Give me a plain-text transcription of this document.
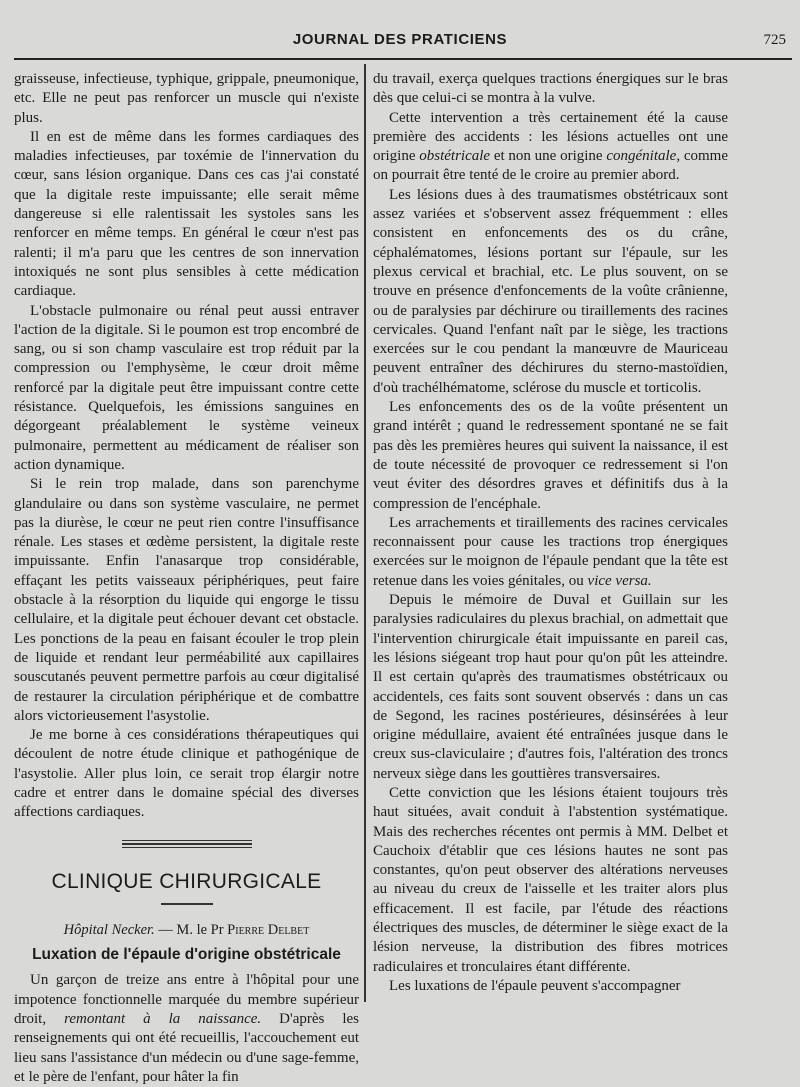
JOURNAL DES PRATICIENS	725

graisseuse, infectieuse, typhique, grippale, pneumonique, etc. Elle ne peut pas renforcer un muscle qui n'existe plus.

Il en est de même dans les formes cardiaques des maladies infectieuses, par toxémie de l'innervation du cœur, sans lésion organique. Dans ces cas j'ai constaté que la digitale reste impuissante; elle serait même dangereuse si elle ralentissait les systoles sans les renforcer en même temps. En général le cœur n'est pas ralenti; il m'a paru que les centres de son innervation intoxiqués ne sont plus sensibles à cette médication cardiaque.

L'obstacle pulmonaire ou rénal peut aussi entraver l'action de la digitale. Si le poumon est trop encombré de sang, ou si son champ vasculaire est trop réduit par la compression ou l'emphysème, le cœur droit même renforcé par la digitale peut être impuissant contre cette résistance. Quelquefois, les émissions sanguines en dégorgeant préalablement le système veineux pulmonaire, permettent au médicament de réaliser son action dynamique.

Si le rein trop malade, dans son parenchyme glandulaire ou dans son système vasculaire, ne permet pas la diurèse, le cœur ne peut rien contre l'insuffisance rénale. Les stases et œdème persistent, la digitale reste impuissante. Enfin l'anasarque trop considérable, effaçant les petits vaisseaux périphériques, peut faire obstacle à la résorption du liquide qui engorge le tissu cellulaire, et la digitale peut échouer devant cet obstacle. Les ponctions de la peau en faisant écouler le trop plein de liquide et rendant leur perméabilité aux capillaires souscutanés peuvent permettre parfois au cœur digitalisé de restaurer la circulation périphérique et de combattre alors victorieusement l'asystolie.

Je me borne à ces considérations thérapeutiques qui découlent de notre étude clinique et pathogénique de l'asystolie. Aller plus loin, ce serait trop élargir notre cadre et entrer dans le domaine spécial des diverses affections cardiaques.

CLINIQUE CHIRURGICALE
Hôpital Necker. — M. le Pr Pierre Delbet
Luxation de l'épaule d'origine obstétricale

Un garçon de treize ans entre à l'hôpital pour une impotence fonctionnelle marquée du membre supérieur droit, remontant à la naissance. D'après les renseignements qui ont été recueillis, l'accouchement eut lieu sans l'assistance d'un médecin ou d'une sage-femme, et le père de l'enfant, pour hâter la fin

du travail, exerça quelques tractions énergiques sur le bras dès que celui-ci se montra à la vulve.

Cette intervention a très certainement été la cause première des accidents : les lésions actuelles ont une origine obstétricale et non une origine congénitale, comme on pourrait être tenté de le croire au premier abord.

Les lésions dues à des traumatismes obstétricaux sont assez variées et s'observent assez fréquemment : elles consistent en enfoncements des os du crâne, céphalématomes, lésions portant sur l'épaule, sur les plexus cervical et brachial, etc. Le plus souvent, on se trouve en présence d'enfoncements de la voûte crânienne, ou de paralysies par déchirure ou tiraillements des racines cervicales. Quand l'enfant naît par le siège, les tractions exercées sur le cou pendant la manœuvre de Mauriceau peuvent entraîner des déchirures du sterno-mastoïdien, d'où trachélhématome, sclérose du muscle et torticolis.

Les enfoncements des os de la voûte présentent un grand intérêt ; quand le redressement spontané ne se fait pas dès les premières heures qui suivent la naissance, il est de toute nécessité de provoquer ce redressement si l'on veut éviter des désordres graves et définitifs dus à la compression de l'encéphale.

Les arrachements et tiraillements des racines cervicales reconnaissent pour cause les tractions trop énergiques exercées sur le moignon de l'épaule pendant que la tête est retenue dans les voies génitales, ou vice versa.

Depuis le mémoire de Duval et Guillain sur les paralysies radiculaires du plexus brachial, on admettait que l'intervention chirurgicale était impuissante en pareil cas, les lésions siégeant trop haut pour qu'on pût les atteindre. Il est certain qu'après des traumatismes obstétricaux ou accidentels, ces faits sont souvent observés : dans un cas de Segond, les racines postérieures, désinsérées à leur origine médullaire, avaient été entraînées jusque dans le creux sus-claviculaire ; d'autres fois, l'altération des troncs nerveux siège dans les gouttières transversaires.

Cette conviction que les lésions étaient toujours très haut situées, avait conduit à l'abstention systématique. Mais des recherches récentes ont permis à MM. Delbet et Cauchoix d'établir que ces lésions hautes ne sont pas constantes, qu'on peut observer des altérations nerveuses au niveau du creux de l'aisselle et les traiter alors plus efficacement. Il est facile, par l'étude des réactions électriques des muscles, de déterminer le siège exact de la lésion nerveuse, la distribution des fibres motrices radiculaires et tronculaires étant différente.

Les luxations de l'épaule peuvent s'accompagner
